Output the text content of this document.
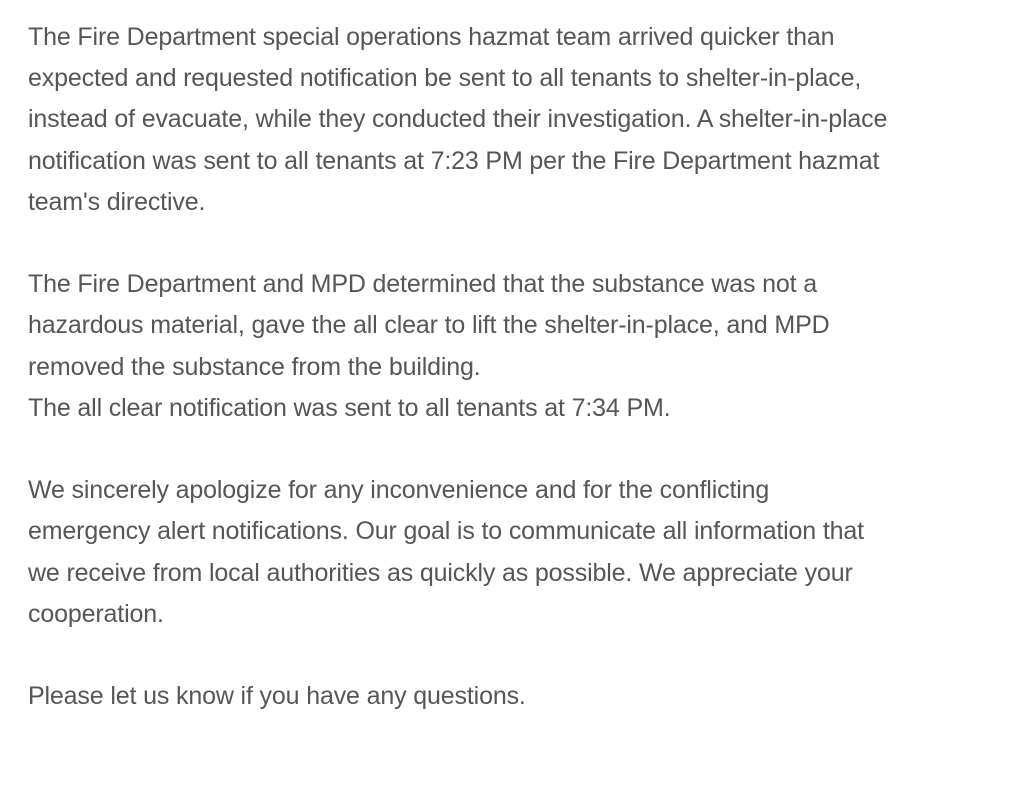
The Fire Department special operations hazmat team arrived quicker than
expected and requested notification be sent to all tenants to shelter-in-place,
instead of evacuate, while they conducted their investigation. A shelter-in-place
notification was sent to all tenants at 7:23 PM per the Fire Department hazmat
team's directive.

The Fire Department and MPD determined that the substance was not a
hazardous material, gave the all clear to lift the shelter-in-place, and MPD
removed the substance from the building.
The all clear notification was sent to all tenants at 7:34 PM.

We sincerely apologize for any inconvenience and for the conflicting
emergency alert notifications. Our goal is to communicate all information that
we receive from local authorities as quickly as possible. We appreciate your
cooperation.

Please let us know if you have any questions.
